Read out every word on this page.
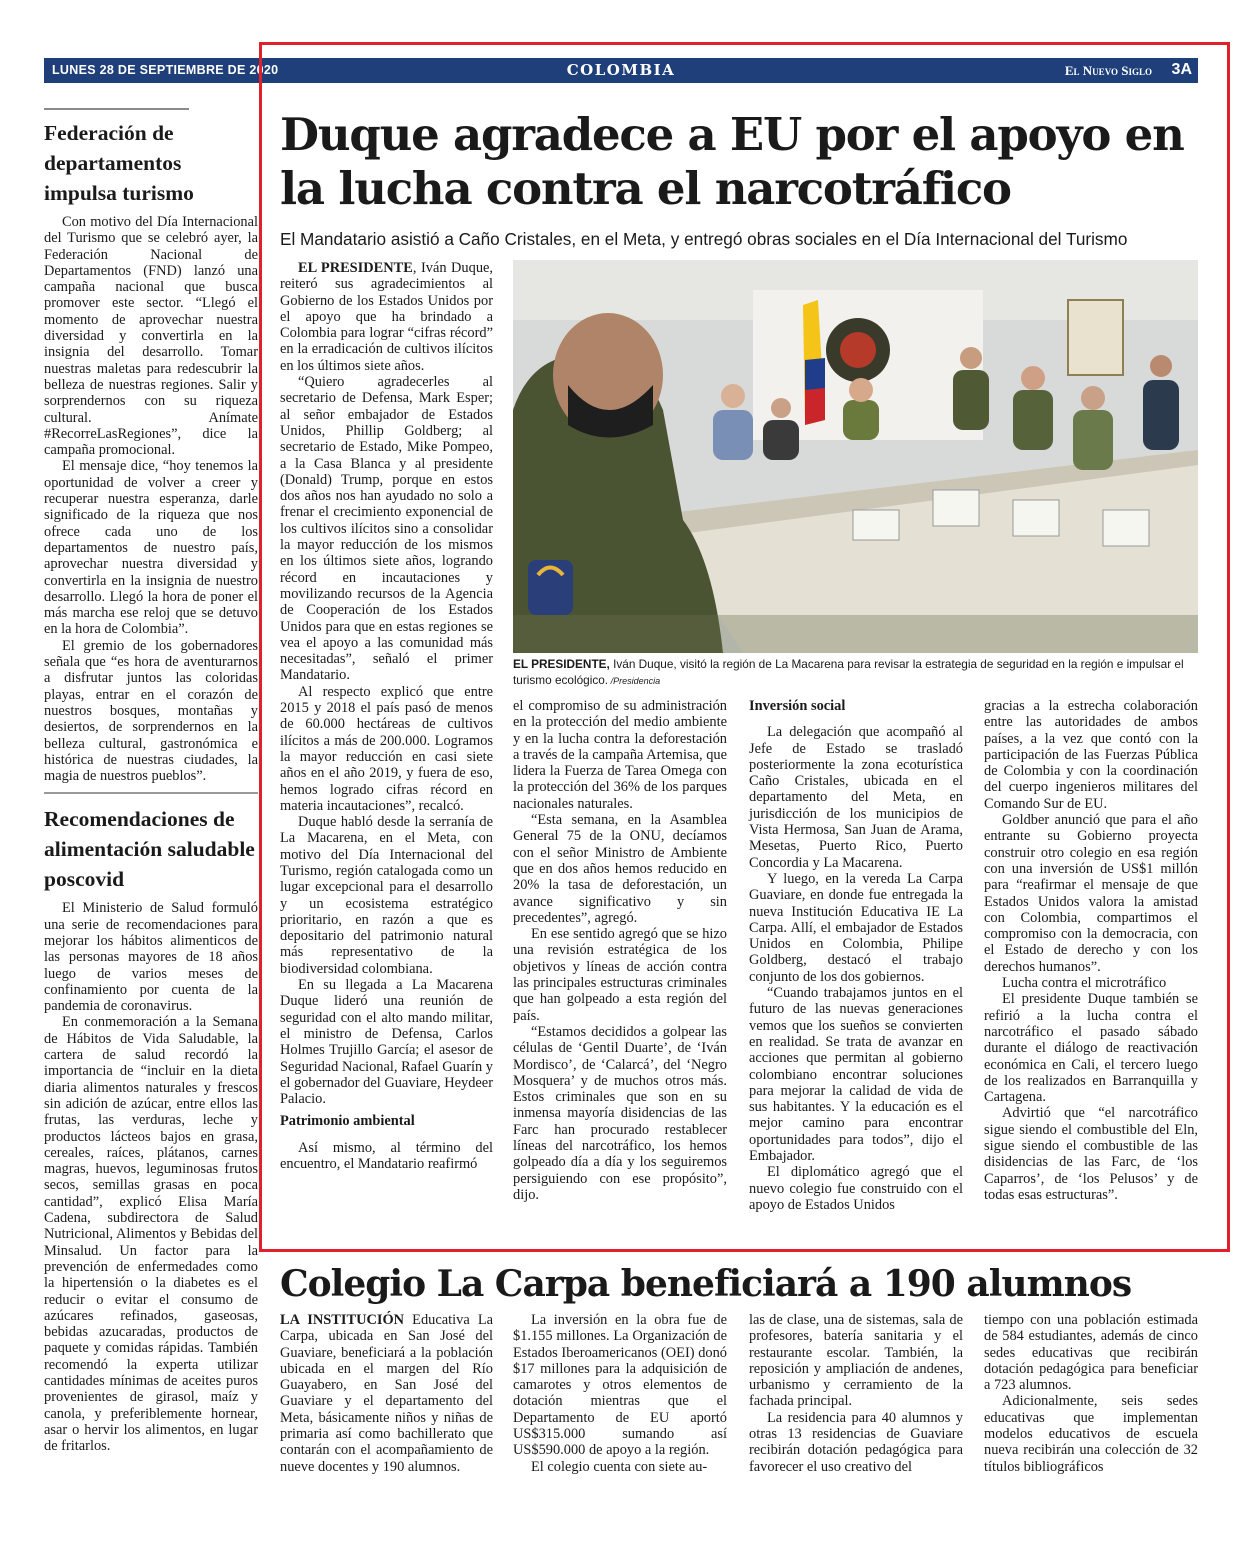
LUNES 28 DE SEPTIEMBRE DE 2020	COLOMBIA	El Nuevo Siglo 3A
Federación de departamentos impulsa turismo

Con motivo del Día Internacional del Turismo que se celebró ayer, la Federación Nacional de Departamentos (FND) lanzó una campaña nacional que busca promover este sector. “Llegó el momento de aprovechar nuestra diversidad y convertirla en la insignia del desarrollo. Tomar nuestras maletas para redescubrir la belleza de nuestras regiones. Salir y sorprendernos con su riqueza cultural. Anímate #RecorreLasRegiones”, dice la campaña promocional.

El mensaje dice, “hoy tenemos la oportunidad de volver a creer y recuperar nuestra esperanza, darle significado de la riqueza que nos ofrece cada uno de los departamentos de nuestro país, aprovechar nuestra diversidad y convertirla en la insignia de nuestro desarrollo. Llegó la hora de poner el más marcha ese reloj que se detuvo en la hora de Colombia”.

El gremio de los gobernadores señala que “es hora de aventurarnos a disfrutar juntos las coloridas playas, entrar en el corazón de nuestros bosques, montañas y desiertos, de sorprendernos en la belleza cultural, gastronómica e histórica de nuestras ciudades, la magia de nuestros pueblos”.

Recomendaciones de alimentación saludable poscovid

El Ministerio de Salud formuló una serie de recomendaciones para mejorar los hábitos alimenticos de las personas mayores de 18 años luego de varios meses de confinamiento por cuenta de la pandemia de coronavirus.

En conmemoración a la Semana de Hábitos de Vida Saludable, la cartera de salud recordó la importancia de “incluir en la dieta diaria alimentos naturales y frescos sin adición de azúcar, entre ellos las frutas, las verduras, leche y productos lácteos bajos en grasa, cereales, raíces, plátanos, carnes magras, huevos, leguminosas frutos secos, semillas grasas en poca cantidad”, explicó Elisa María Cadena, subdirectora de Salud Nutricional, Alimentos y Bebidas del Minsalud. Un factor para la prevención de enfermedades como la hipertensión o la diabetes es el reducir o evitar el consumo de azúcares refinados, gaseosas, bebidas azucaradas, productos de paquete y comidas rápidas. También recomendó la experta utilizar cantidades mínimas de aceites puros provenientes de girasol, maíz y canola, y preferiblemente hornear, asar o hervir los alimentos, en lugar de fritarlos.

Duque agradece a EU por el apoyo en la lucha contra el narcotráfico
El Mandatario asistió a Caño Cristales, en el Meta, y entregó obras sociales en el Día Internacional del Turismo
EL PRESIDENTE, Iván Duque, visitó la región de La Macarena para revisar la estrategia de seguridad en la región e impulsar el turismo ecológico. /Presidencia

EL PRESIDENTE, Iván Duque, reiteró sus agradecimientos al Gobierno de los Estados Unidos por el apoyo que ha brindado a Colombia para lograr “cifras récord” en la erradicación de cultivos ilícitos en los últimos siete años.

“Quiero agradecerles al secretario de Defensa, Mark Esper; al señor embajador de Estados Unidos, Phillip Goldberg; al secretario de Estado, Mike Pompeo, a la Casa Blanca y al presidente (Donald) Trump, porque en estos dos años nos han ayudado no solo a frenar el crecimiento exponencial de los cultivos ilícitos sino a consolidar la mayor reducción de los mismos en los últimos siete años, logrando récord en incautaciones y movilizando recursos de la Agencia de Cooperación de los Estados Unidos para que en estas regiones se vea el apoyo a las comunidad más necesitadas”, señaló el primer Mandatario.

Al respecto explicó que entre 2015 y 2018 el país pasó de menos de 60.000 hectáreas de cultivos ilícitos a más de 200.000. Logramos la mayor reducción en casi siete años en el año 2019, y fuera de eso, hemos logrado cifras récord en materia incautaciones”, recalcó.

Duque habló desde la serranía de La Macarena, en el Meta, con motivo del Día Internacional del Turismo, región catalogada como un lugar excepcional para el desarrollo y un ecosistema estratégico prioritario, en razón a que es depositario del patrimonio natural más representativo de la biodiversidad colombiana.

En su llegada a La Macarena Duque lideró una reunión de seguridad con el alto mando militar, el ministro de Defensa, Carlos Holmes Trujillo García; el asesor de Seguridad Nacional, Rafael Guarín y el gobernador del Guaviare, Heydeer Palacio.

Patrimonio ambiental

Así mismo, al término del encuentro, el Mandatario reafirmó

el compromiso de su administración en la protección del medio ambiente y en la lucha contra la deforestación a través de la campaña Artemisa, que lidera la Fuerza de Tarea Omega con la protección del 36% de los parques nacionales naturales.

“Esta semana, en la Asamblea General 75 de la ONU, decíamos con el señor Ministro de Ambiente que en dos años hemos reducido en 20% la tasa de deforestación, un avance significativo y sin precedentes”, agregó.

En ese sentido agregó que se hizo una revisión estratégica de los objetivos y líneas de acción contra las principales estructuras criminales que han golpeado a esta región del país.

“Estamos decididos a golpear las células de ‘Gentil Duarte’, de ‘Iván Mordisco’, de ‘Calarcá’, del ‘Negro Mosquera’ y de muchos otros más. Estos criminales que son en su inmensa mayoría disidencias de las Farc han procurado restablecer líneas del narcotráfico, los hemos golpeado día a día y los seguiremos persiguiendo con ese propósito”, dijo.

Inversión social

La delegación que acompañó al Jefe de Estado se trasladó posteriormente la zona ecoturística Caño Cristales, ubicada en el departamento del Meta, en jurisdicción de los municipios de Vista Hermosa, San Juan de Arama, Mesetas, Puerto Rico, Puerto Concordia y La Macarena.

Y luego, en la vereda La Carpa Guaviare, en donde fue entregada la nueva Institución Educativa IE La Carpa. Allí, el embajador de Estados Unidos en Colombia, Philipe Goldberg, destacó el trabajo conjunto de los dos gobiernos.

“Cuando trabajamos juntos en el futuro de las nuevas generaciones vemos que los sueños se convierten en realidad. Se trata de avanzar en acciones que permitan al gobierno colombiano encontrar soluciones para mejorar la calidad de vida de sus habitantes. Y la educación es el mejor camino para encontrar oportunidades para todos”, dijo el Embajador.

El diplomático agregó que el nuevo colegio fue construido con el apoyo de Estados Unidos

gracias a la estrecha colaboración entre las autoridades de ambos países, a la vez que contó con la participación de las Fuerzas Pública de Colombia y con la coordinación del cuerpo ingenieros militares del Comando Sur de EU.

Goldber anunció que para el año entrante su Gobierno proyecta construir otro colegio en esa región con una inversión de US$1 millón para “reafirmar el mensaje de que Estados Unidos valora la amistad con Colombia, compartimos el compromiso con la democracia, con el Estado de derecho y con los derechos humanos”.

Lucha contra el microtráfico

El presidente Duque también se refirió a la lucha contra el narcotráfico el pasado sábado durante el diálogo de reactivación económica en Cali, el tercero luego de los realizados en Barranquilla y Cartagena.

Advirtió que “el narcotráfico sigue siendo el combustible del Eln, sigue siendo el combustible de las disidencias de las Farc, de ‘los Caparros’, de ‘los Pelusos’ y de todas esas estructuras”.

Colegio La Carpa beneficiará a 190 alumnos

LA INSTITUCIÓN Educativa La Carpa, ubicada en San José del Guaviare, beneficiará a la población ubicada en el margen del Río Guayabero, en San José del Guaviare y el departamento del Meta, básicamente niños y niñas de primaria así como bachillerato que contarán con el acompañamiento de nueve docentes y 190 alumnos.

La inversión en la obra fue de $1.155 millones. La Organización de Estados Iberoamericanos (OEI) donó $17 millones para la adquisición de camarotes y otros elementos de dotación mientras que el Departamento de EU aportó US$315.000 sumando así US$590.000 de apoyo a la región.

El colegio cuenta con siete au-

las de clase, una de sistemas, sala de profesores, batería sanitaria y el restaurante escolar. También, la reposición y ampliación de andenes, urbanismo y cerramiento de la fachada principal.

La residencia para 40 alumnos y otras 13 residencias de Guaviare recibirán dotación pedagógica para favorecer el uso creativo del

tiempo con una población estimada de 584 estudiantes, además de cinco sedes educativas que recibirán dotación pedagógica para beneficiar a 723 alumnos.

Adicionalmente, seis sedes educativas que implementan modelos educativos de escuela nueva recibirán una colección de 32 títulos bibliográficos
